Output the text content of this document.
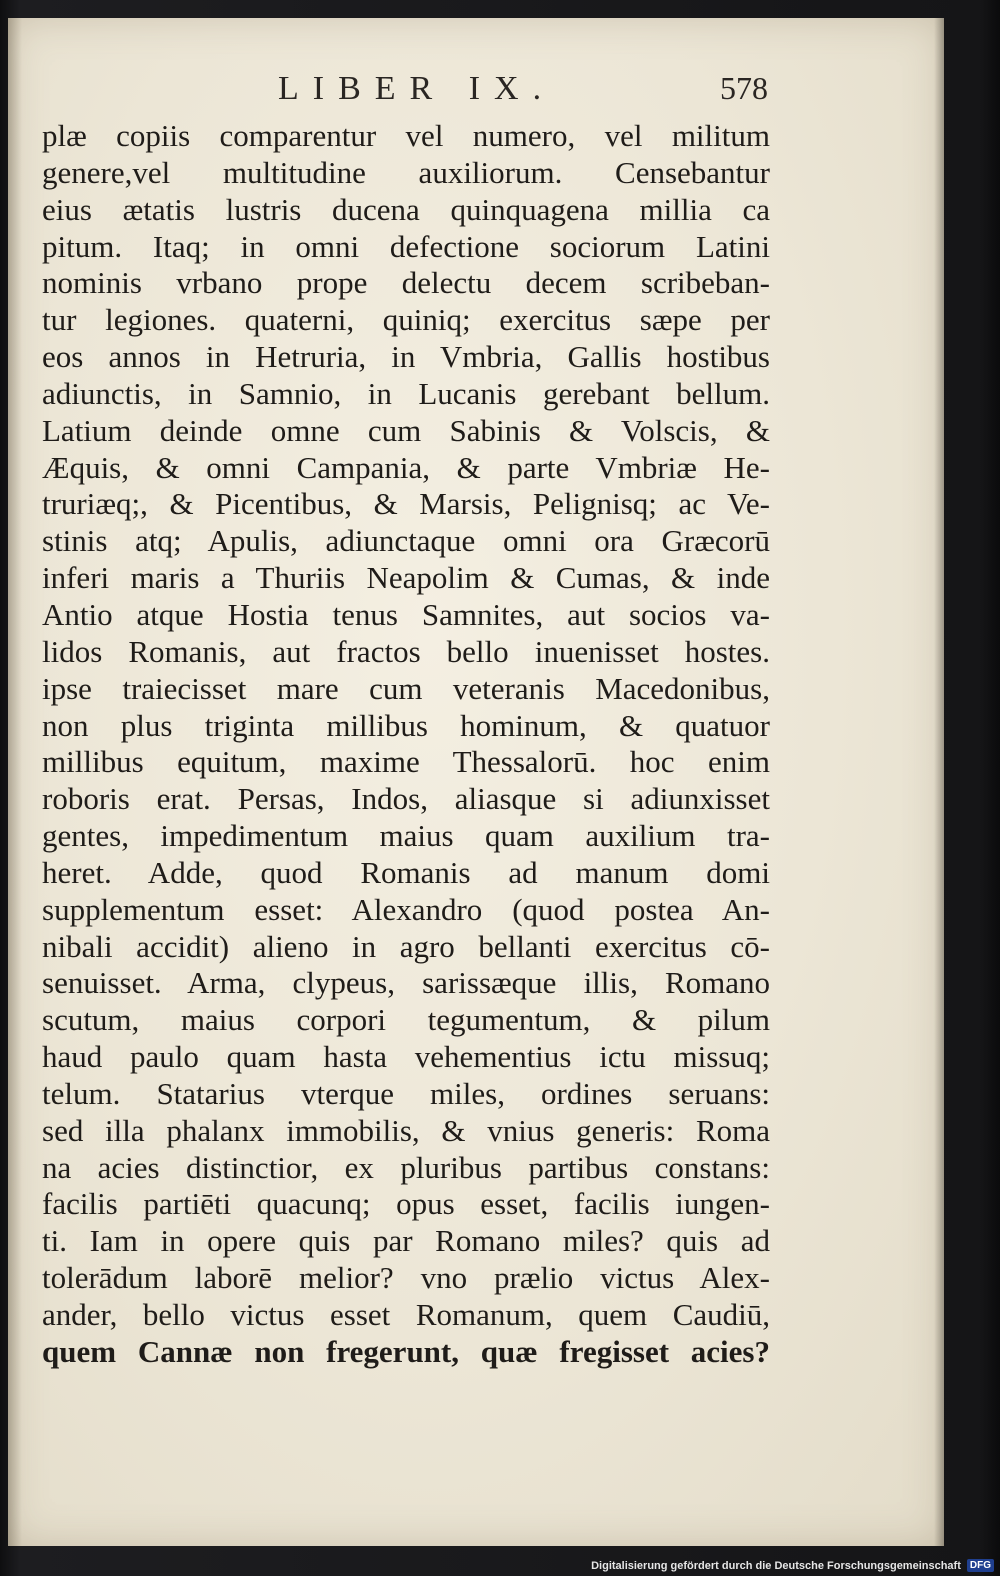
LIBER IX.	578
plæ copiis comparentur vel numero, vel militum
genere,vel multitudine auxiliorum. Censebantur
eius ætatis lustris ducena quinquagena millia ca
pitum. Itaq; in omni defectione sociorum Latini
nominis vrbano prope delectu decem scribeban-
tur legiones. quaterni, quiniq; exercitus sæpe per
eos annos in Hetruria, in Vmbria, Gallis hostibus
adiunctis, in Samnio, in Lucanis gerebant bellum.
Latium deinde omne cum Sabinis & Volscis, &
Æquis, & omni Campania, & parte Vmbriæ He-
truriæq;, & Picentibus, & Marsis, Pelignisq; ac Ve-
stinis atq; Apulis, adiunctaque omni ora Græcorū
inferi maris a Thuriis Neapolim & Cumas, & inde
Antio atque Hostia tenus Samnites, aut socios va-
lidos Romanis, aut fractos bello inuenisset hostes.
ipse traiecisset mare cum veteranis Macedonibus,
non plus triginta millibus hominum, & quatuor
millibus equitum, maxime Thessalorū. hoc enim
roboris erat. Persas, Indos, aliasque si adiunxisset
gentes, impedimentum maius quam auxilium tra-
heret. Adde, quod Romanis ad manum domi
supplementum esset: Alexandro (quod postea An-
nibali accidit) alieno in agro bellanti exercitus cō-
senuisset. Arma, clypeus, sarissæque illis, Romano
scutum, maius corpori tegumentum, & pilum
haud paulo quam hasta vehementius ictu missuq;
telum. Statarius vterque miles, ordines seruans:
sed illa phalanx immobilis, & vnius generis: Roma
na acies distinctior, ex pluribus partibus constans:
facilis partiēti quacunq; opus esset, facilis iungen-
ti. Iam in opere quis par Romano miles? quis ad
tolerādum laborē melior? vno prælio victus Alex-
ander, bello victus esset Romanum, quem Caudiū,
quem Cannæ non fregerunt, quæ fregisset acies?
Digitalisierung gefördert durch die Deutsche Forschungsgemeinschaft DFG
